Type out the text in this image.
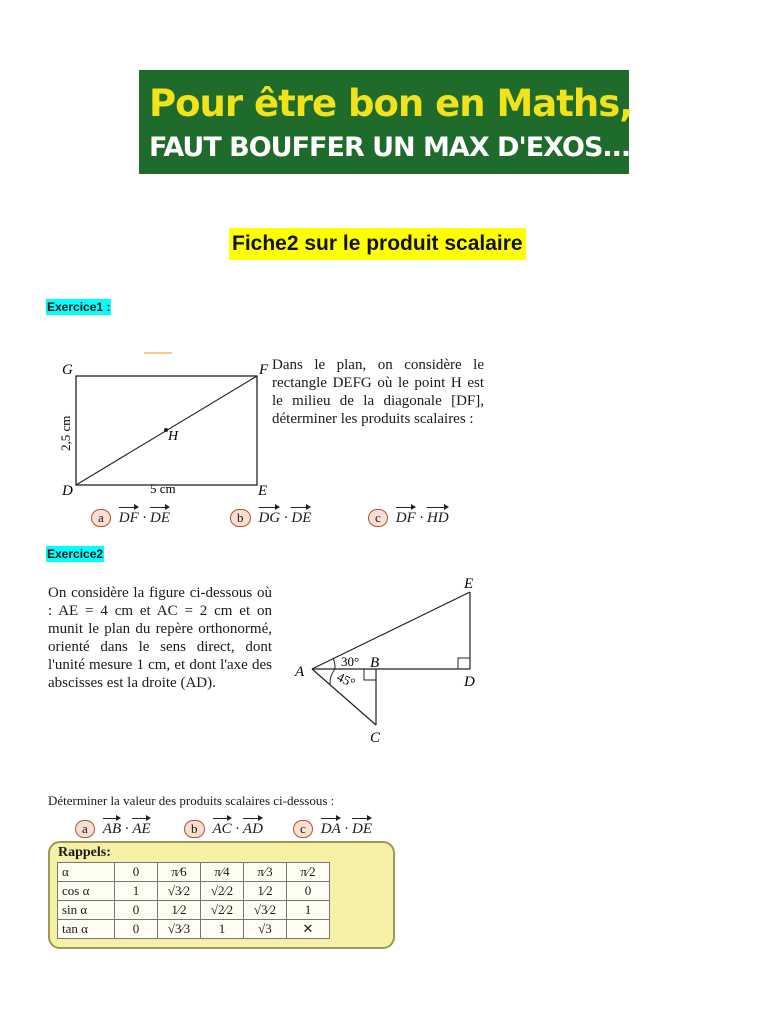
Pour être bon en Maths,
FAUT BOUFFER UN MAX D'EXOS...
Fiche2 sur le produit scalaire
Exercice1 :
G	F
D	E
H
2,5 cm
5 cm
Dans le plan, on considère le rectangle DEFG où le point H est le milieu de la diagonale [DF], déterminer les produits scalaires :
a DF · DE	b DG · DE	c DF · HD
Exercice2
On considère la figure ci-dessous où : AE = 4 cm et AC = 2 cm et on munit le plan du repère orthonormé, orienté dans le sens direct, dont l'unité mesure 1 cm, et dont l'axe des abscisses est la droite (AD).
A
B
C
D
E
30°
45°
Déterminer la valeur des produits scalaires ci-dessous :
a AB · AE	b AC · AD	c DA · DE
Rappels:
α	0	π⁄6	π⁄4	π⁄3	π⁄2
cos α	1	√3⁄2	√2⁄2	1⁄2	0
sin α	0	1⁄2	√2⁄2	√3⁄2	1
tan α	0	√3⁄3	1	√3	✕
